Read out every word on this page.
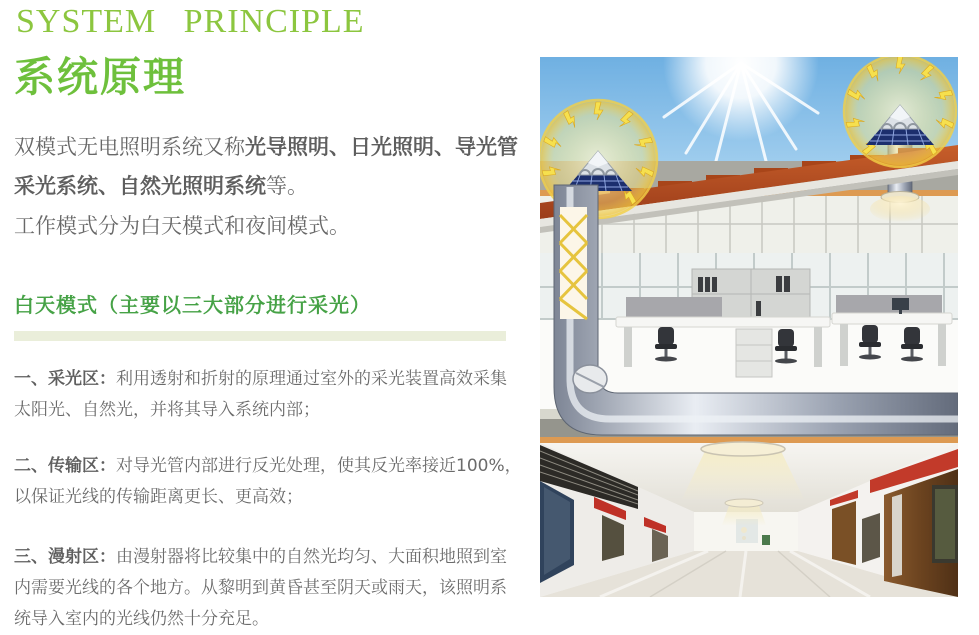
SYSTEM PRINCIPLE
系统原理

双模式无电照明系统又称光导照明、日光照明、导光管采光系统、自然光照明系统等。

工作模式分为白天模式和夜间模式。

白天模式（主要以三大部分进行采光）

一、采光区：利用透射和折射的原理通过室外的采光装置高效采集太阳光、自然光，并将其导入系统内部；

二、传输区：对导光管内部进行反光处理，使其反光率接近100%，以保证光线的传输距离更长、更高效；

三、漫射区：由漫射器将比较集中的自然光均匀、大面积地照到室内需要光线的各个地方。从黎明到黄昏甚至阴天或雨天，该照明系统导入室内的光线仍然十分充足。
